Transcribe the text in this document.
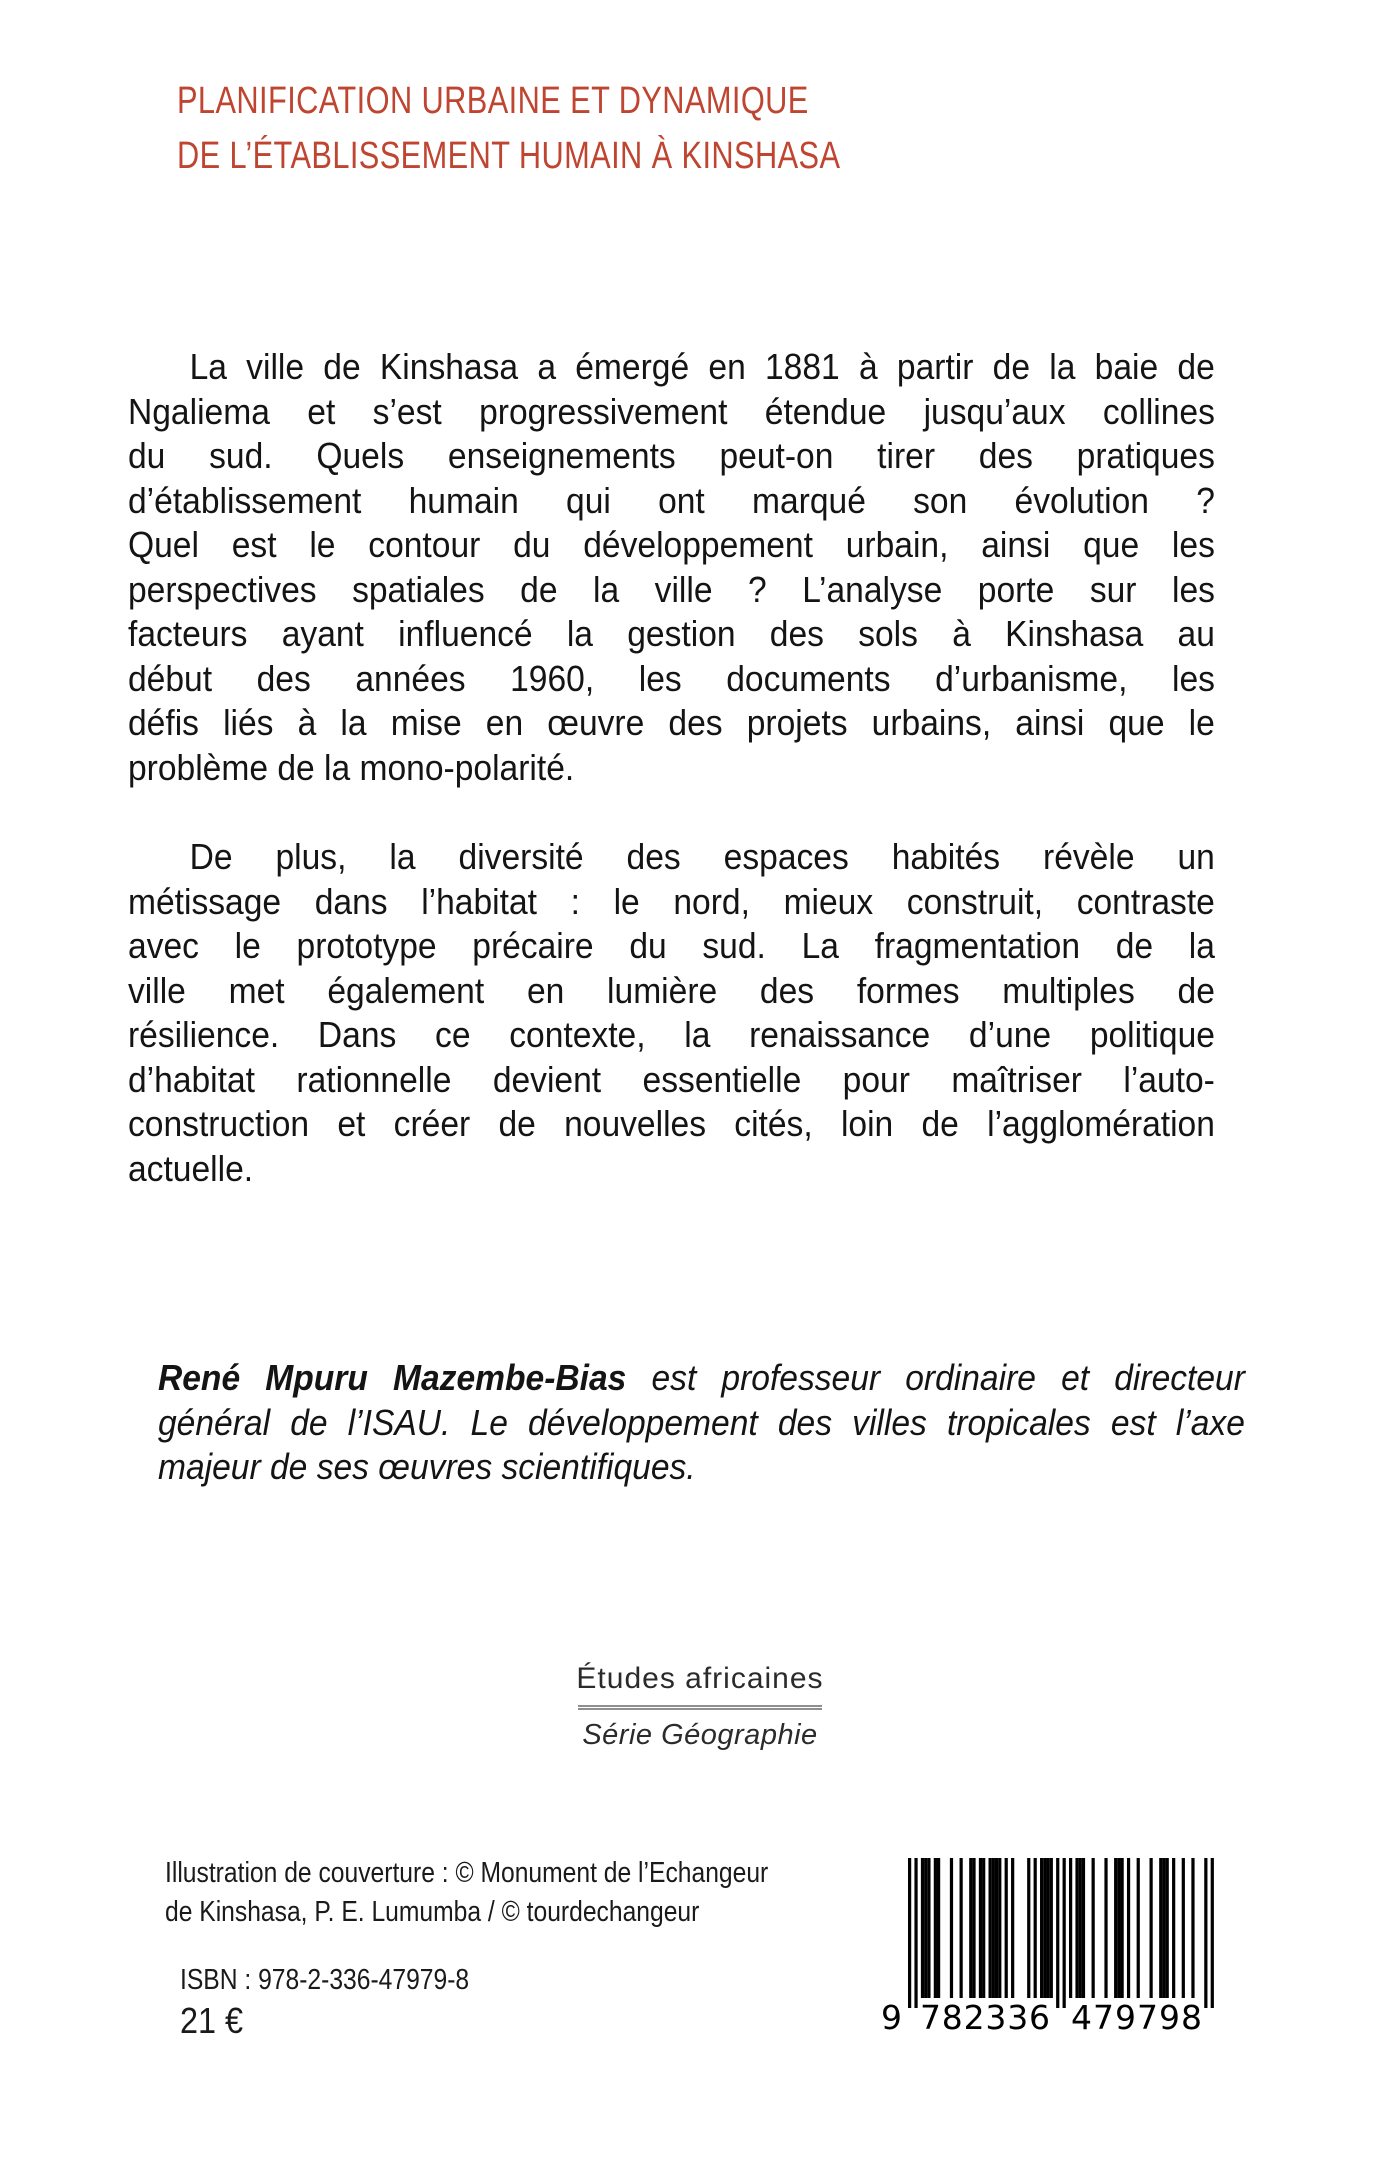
PLANIFICATION URBAINE ET DYNAMIQUE
DE L’ÉTABLISSEMENT HUMAIN À KINSHASA
La ville de Kinshasa a émergé en 1881 à partir de la baie de
Ngaliema et s’est progressivement étendue jusqu’aux collines
du sud. Quels enseignements peut-on tirer des pratiques
d’établissement humain qui ont marqué son évolution ?
Quel est le contour du développement urbain, ainsi que les
perspectives spatiales de la ville ? L’analyse porte sur les
facteurs ayant influencé la gestion des sols à Kinshasa au
début des années 1960, les documents d’urbanisme, les
défis liés à la mise en œuvre des projets urbains, ainsi que le
problème de la mono-polarité.
De plus, la diversité des espaces habités révèle un
métissage dans l’habitat : le nord, mieux construit, contraste
avec le prototype précaire du sud. La fragmentation de la
ville met également en lumière des formes multiples de
résilience. Dans ce contexte, la renaissance d’une politique
d’habitat rationnelle devient essentielle pour maîtriser l’auto-
construction et créer de nouvelles cités, loin de l’agglomération
actuelle.
René Mpuru Mazembe-Bias est professeur ordinaire et directeur
général de l’ISAU. Le développement des villes tropicales est l’axe
majeur de ses œuvres scientifiques.
Études africaines
Série Géographie
Illustration de couverture : © Monument de l’Echangeur
de Kinshasa, P. E. Lumumba / © tourdechangeur
ISBN : 978-2-336-47979-8
21 €	9 7 8 2 3 3 6 4 7 9 7 9 8
